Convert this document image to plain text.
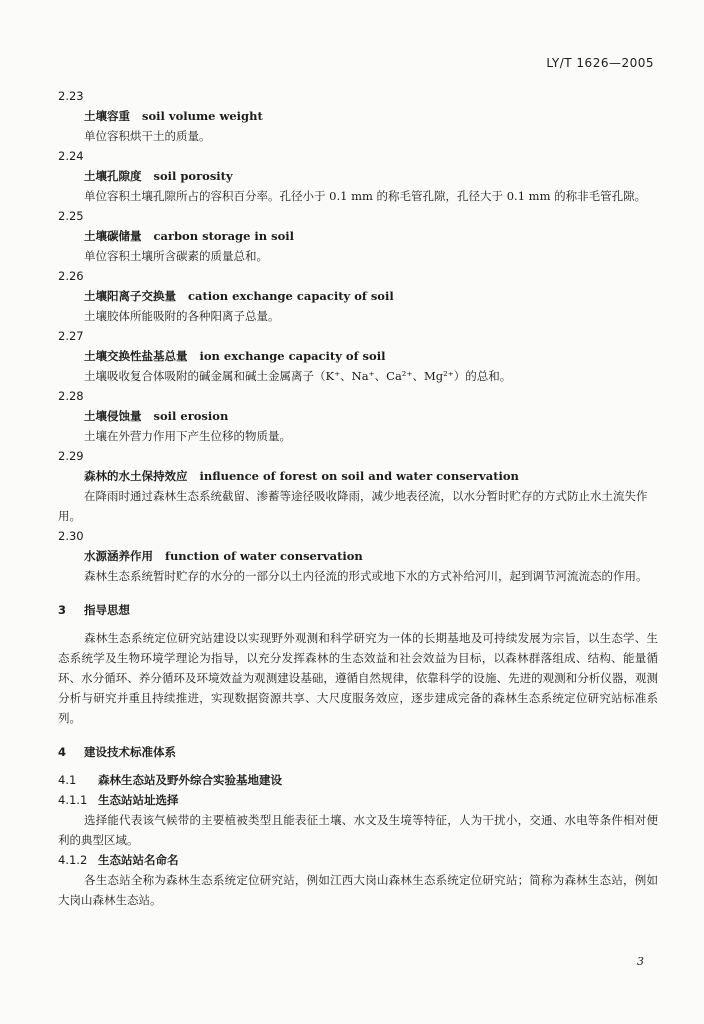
LY/T 1626—2005
2.23
土壤容重 soil volume weight
单位容积烘干土的质量。
2.24
土壤孔隙度 soil porosity
单位容积土壤孔隙所占的容积百分率。孔径小于 0.1 mm 的称毛管孔隙，孔径大于 0.1 mm 的称非毛管孔隙。
2.25
土壤碳储量 carbon storage in soil
单位容积土壤所含碳素的质量总和。
2.26
土壤阳离子交换量 cation exchange capacity of soil
土壤胶体所能吸附的各种阳离子总量。
2.27
土壤交换性盐基总量 ion exchange capacity of soil
土壤吸收复合体吸附的碱金属和碱土金属离子（K⁺、Na⁺、Ca²⁺、Mg²⁺）的总和。
2.28
土壤侵蚀量 soil erosion
土壤在外营力作用下产生位移的物质量。
2.29
森林的水土保持效应 influence of forest on soil and water conservation
在降雨时通过森林生态系统截留、渗蓄等途径吸收降雨，减少地表径流，以水分暂时贮存的方式防止水土流失作用。
2.30
水源涵养作用 function of water conservation
森林生态系统暂时贮存的水分的一部分以土内径流的形式或地下水的方式补给河川，起到调节河流流态的作用。
3 指导思想
森林生态系统定位研究站建设以实现野外观测和科学研究为一体的长期基地及可持续发展为宗旨，以生态学、生态系统学及生物环境学理论为指导，以充分发挥森林的生态效益和社会效益为目标，以森林群落组成、结构、能量循环、水分循环、养分循环及环境效益为观测建设基础，遵循自然规律，依靠科学的设施、先进的观测和分析仪器，观测分析与研究并重且持续推进，实现数据资源共享、大尺度服务效应，逐步建成完备的森林生态系统定位研究站标准系列。
4 建设技术标准体系
4.1 森林生态站及野外综合实验基地建设
4.1.1 生态站站址选择
选择能代表该气候带的主要植被类型且能表征土壤、水文及生境等特征，人为干扰小，交通、水电等条件相对便利的典型区域。
4.1.2 生态站站名命名
各生态站全称为森林生态系统定位研究站，例如江西大岗山森林生态系统定位研究站；简称为森林生态站，例如大岗山森林生态站。
3
